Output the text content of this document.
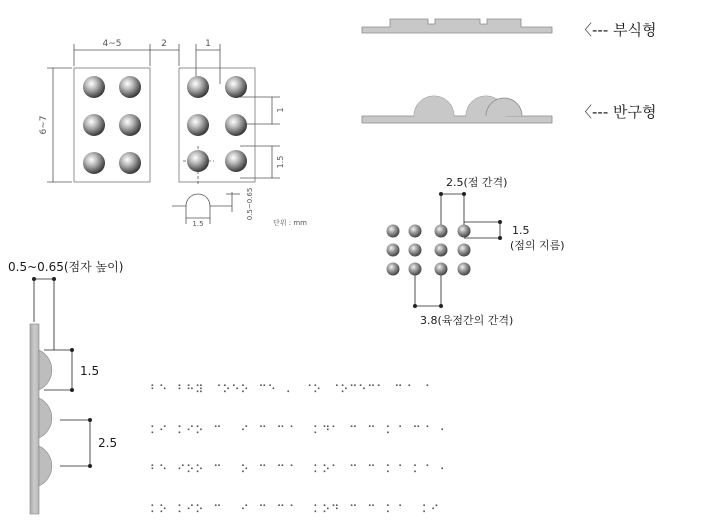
4~5	2	1
6~7
1
1.5
0.5~0.65
1.5	단위 : mm
〈--- 부식형
〈--- 반구형
2.5(점 간격)
1.5
(점의 지름)
3.8(육점간의 간격)
0.5~0.65(점자 높이)
1.5
2.5
⠃⠑⠀⠃⠓⠽⠀⠈⠕⠑⠕⠀⠉⠑⠀⠄⠀⠈⠕⠀⠈⠕⠉⠑⠉⠁⠀⠉⠈⠀⠈
⠅⠊⠀⠅⠊⠕⠀⠉⠀⠀⠊⠀⠉⠀⠉⠈⠀⠀⠅⠙⠁⠀⠉⠀⠉⠀⠅⠈⠀⠉⠈⠀⠂
⠃⠑⠀⠊⠕⠕⠀⠉⠀⠀⠕⠀⠉⠀⠉⠈⠀⠀⠅⠕⠁⠀⠉⠀⠉⠀⠅⠈⠀⠅⠈⠀⠂
⠅⠕⠀⠅⠊⠕⠀⠉⠀⠀⠊⠀⠉⠀⠉⠈⠀⠀⠅⠕⠙⠀⠉⠀⠉⠀⠅⠈⠀⠀⠅⠊
